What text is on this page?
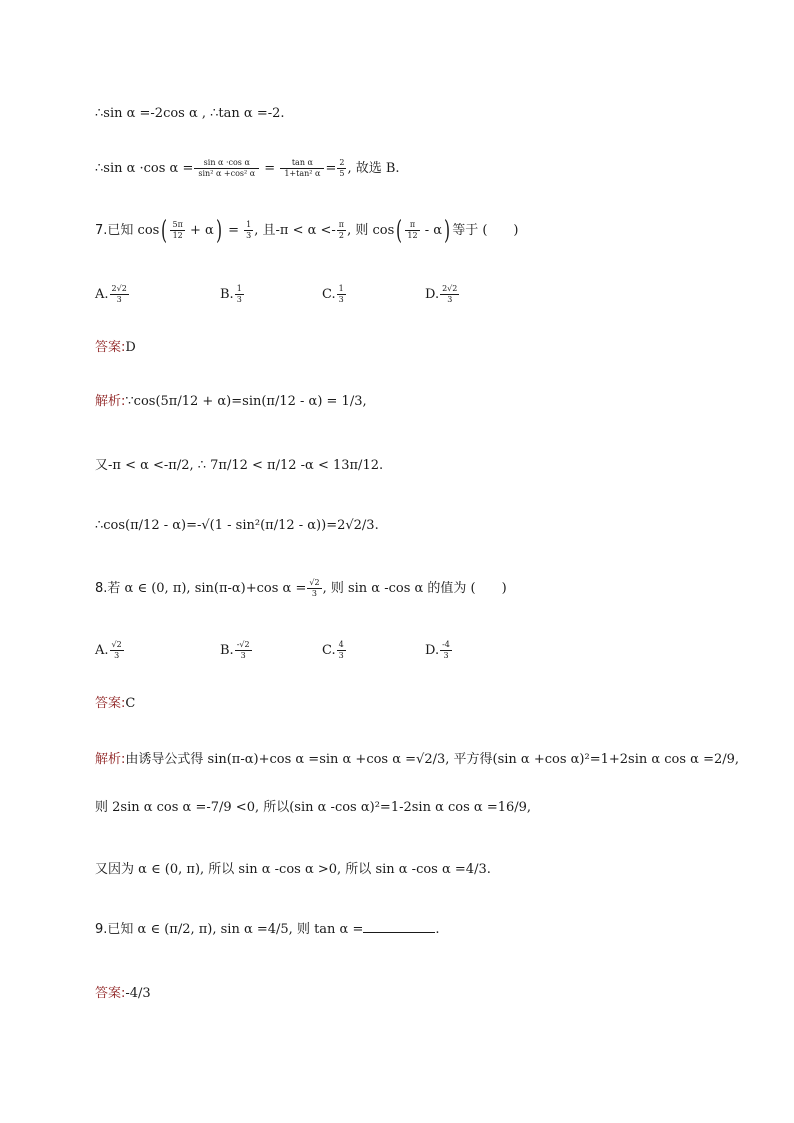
∴sin α =-2cos α , ∴tan α =-2.
∴sin α ·cos $\alpha = \frac{\text{sin α ·cos α}}{\text{sin² α +cos² α}} = \frac{\text{tan α}}{\text{1+tan² α}} = \frac{2}{5}$ , 故选 B.
7.已知 $\cos( \frac{5\pi}{12} + \alpha) = \frac{1}{3}$ , 且$-\pi < \alpha <- \frac{\pi}{2}$ , 则 $\cos( \frac{\pi}{12} - \alpha)$ 等于 (　　)
A. $\frac{2√2}{3}$	B. $\frac{1}{3}$	C. $\frac{1}{3}$	D. $\frac{2√2}{3}$
答案:D
解析:∵cos(5π/12 + α)=sin(π/12 - α) = 1/3,
又-π < α <-π/2, ∴ 7π/12 < π/12 -α < 13π/12.
∴cos(π/12 - α)=-√(1 - sin²(π/12 - α))=2√2/3.
8.若 α ∈ (0, π), sin(π-α)+cos $\alpha = \frac{√2}{3}$ , 则 sin α -cos α 的值为 (　　)
A. $\frac{√2}{3}$	B. $\frac{-√2}{3}$	C. $\frac{4}{3}$	D. $\frac{-4}{3}$
答案:C
解析:由诱导公式得 sin(π-α)+cos α =sin α +cos α =√2/3, 平方得(sin α +cos α)²=1+2sin α cos α =2/9,
则 2sin α cos α =-7/9 <0, 所以(sin α -cos α)²=1-2sin α cos α =16/9,
又因为 α ∈ (0, π), 所以 sin α -cos α >0, 所以 sin α -cos α =4/3.
9.已知 α ∈ (π/2, π), sin α =4/5, 则 tan α =	.
答案:-4/3
